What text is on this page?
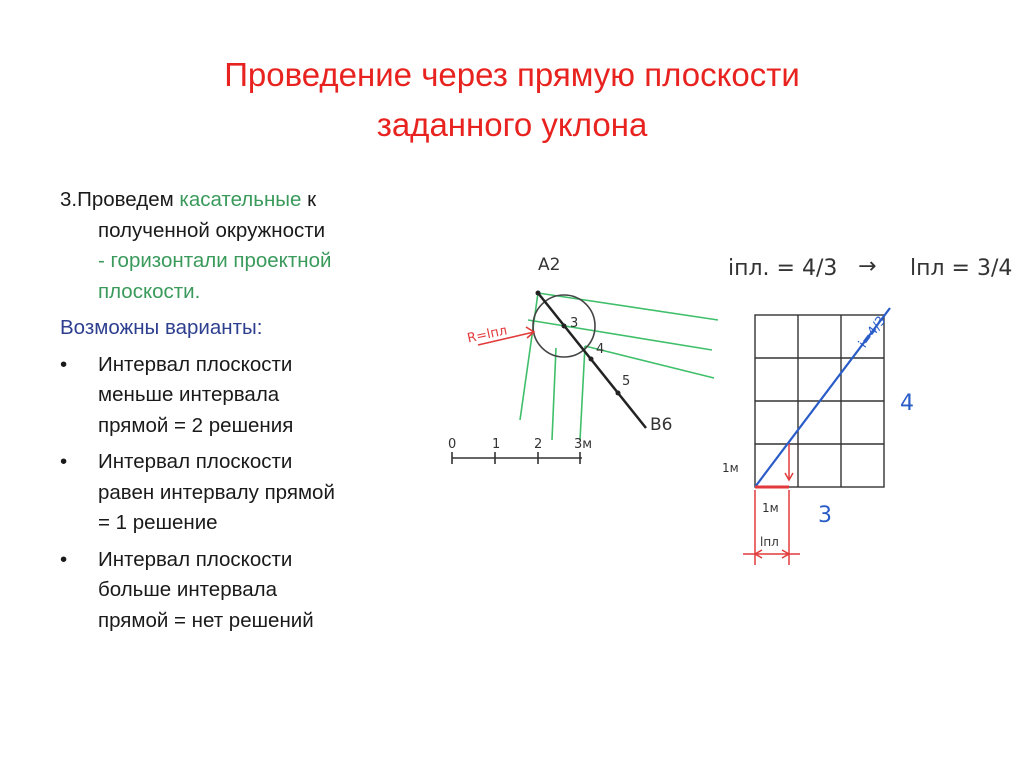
Проведение через прямую плоскости
заданного уклона
3.Проведем касательные к
полученной окружности
- горизонтали проектной
плоскости.
Возможны варианты:
•	Интервал плоскости
меньше интервала
прямой = 2 решения
•	Интервал плоскости
равен интервалу прямой
= 1 решение
•	Интервал плоскости
больше интервала
прямой = нет решений
iпл. = 4/3 → lпл = 3/4
A2
3
4
5
B6
R=lпл
0	1	2 3м
i=4/3
4
3
1м
1м
lпл
